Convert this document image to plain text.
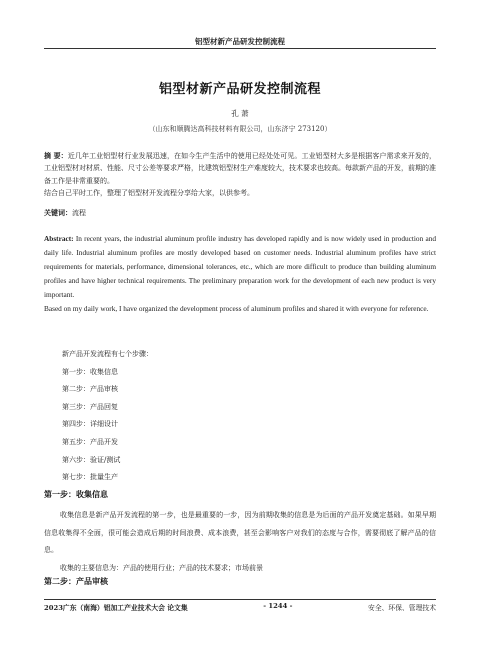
铝型材新产品研发控制流程
铝型材新产品研发控制流程
孔 萧
（山东和顺腾达高科技材料有限公司，山东济宁 273120）
摘 要：近几年工业铝型材行业发展迅速，在如今生产生活中的使用已经处处可见。工业铝型材大多是根据客户需求来开发的，工业铝型材对材质、性能、尺寸公差等要求严格，比建筑铝型材生产难度较大，技术要求也较高。每款新产品的开发，前期的准备工作是非常重要的。
结合自己平时工作，整理了铝型材开发流程分享给大家，以供参考。
关键词：流程

Abstract: In recent years, the industrial aluminum profile industry has developed rapidly and is now widely used in production and daily life. Industrial aluminum profiles are mostly developed based on customer needs. Industrial aluminum profiles have strict requirements for materials, performance, dimensional tolerances, etc., which are more difficult to produce than building aluminum profiles and have higher technical requirements. The preliminary preparation work for the development of each new product is very important.

Based on my daily work, I have organized the development process of aluminum profiles and shared it with everyone for reference.

新产品开发流程有七个步骤：
第一步：收集信息
第二步：产品审核
第三步：产品回复
第四步：详细设计
第五步：产品开发
第六步：验证/测试
第七步：批量生产
第一步：收集信息

收集信息是新产品开发流程的第一步，也是最重要的一步，因为前期收集的信息是为后面的产品开发奠定基础。如果早期信息收集得不全面，很可能会造成后期的时间浪费、成本浪费，甚至会影响客户对我们的态度与合作，需要彻底了解产品的信息。

收集的主要信息为：产品的使用行业；产品的技术要求；市场前景

第二步：产品审核
2023广东（南海）铝加工产业技术大会 论文集	- 1244 -	安全、环保、管理技术
